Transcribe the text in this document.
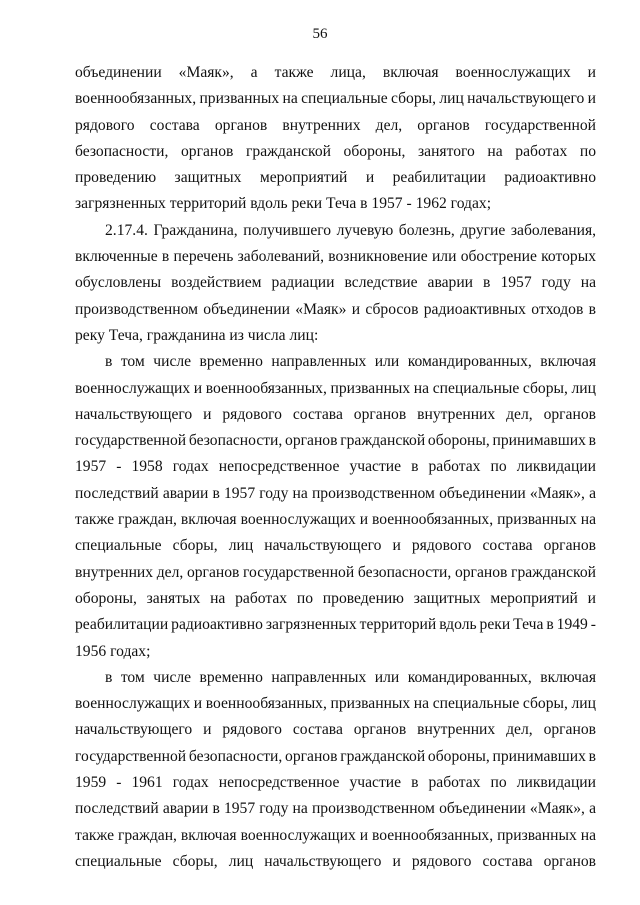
56

объединении «Маяк», а также лица, включая военнослужащих и
военнообязанных, призванных на специальные сборы, лиц начальствующего и
рядового состава органов внутренних дел, органов государственной
безопасности, органов гражданской обороны, занятого на работах по
проведению защитных мероприятий и реабилитации радиоактивно
загрязненных территорий вдоль реки Теча в 1957 - 1962 годах;

2.17.4. Гражданина, получившего лучевую болезнь, другие заболевания,
включенные в перечень заболеваний, возникновение или обострение которых
обусловлены воздействием радиации вследствие аварии в 1957 году на
производственном объединении «Маяк» и сбросов радиоактивных отходов в
реку Теча, гражданина из числа лиц:

в том числе временно направленных или командированных, включая
военнослужащих и военнообязанных, призванных на специальные сборы, лиц
начальствующего и рядового состава органов внутренних дел, органов
государственной безопасности, органов гражданской обороны, принимавших в
1957 - 1958 годах непосредственное участие в работах по ликвидации
последствий аварии в 1957 году на производственном объединении «Маяк», а
также граждан, включая военнослужащих и военнообязанных, призванных на
специальные сборы, лиц начальствующего и рядового состава органов
внутренних дел, органов государственной безопасности, органов гражданской
обороны, занятых на работах по проведению защитных мероприятий и
реабилитации радиоактивно загрязненных территорий вдоль реки Теча в 1949 -
1956 годах;

в том числе временно направленных или командированных, включая
военнослужащих и военнообязанных, призванных на специальные сборы, лиц
начальствующего и рядового состава органов внутренних дел, органов
государственной безопасности, органов гражданской обороны, принимавших в
1959 - 1961 годах непосредственное участие в работах по ликвидации
последствий аварии в 1957 году на производственном объединении «Маяк», а
также граждан, включая военнослужащих и военнообязанных, призванных на
специальные сборы, лиц начальствующего и рядового состава органов
